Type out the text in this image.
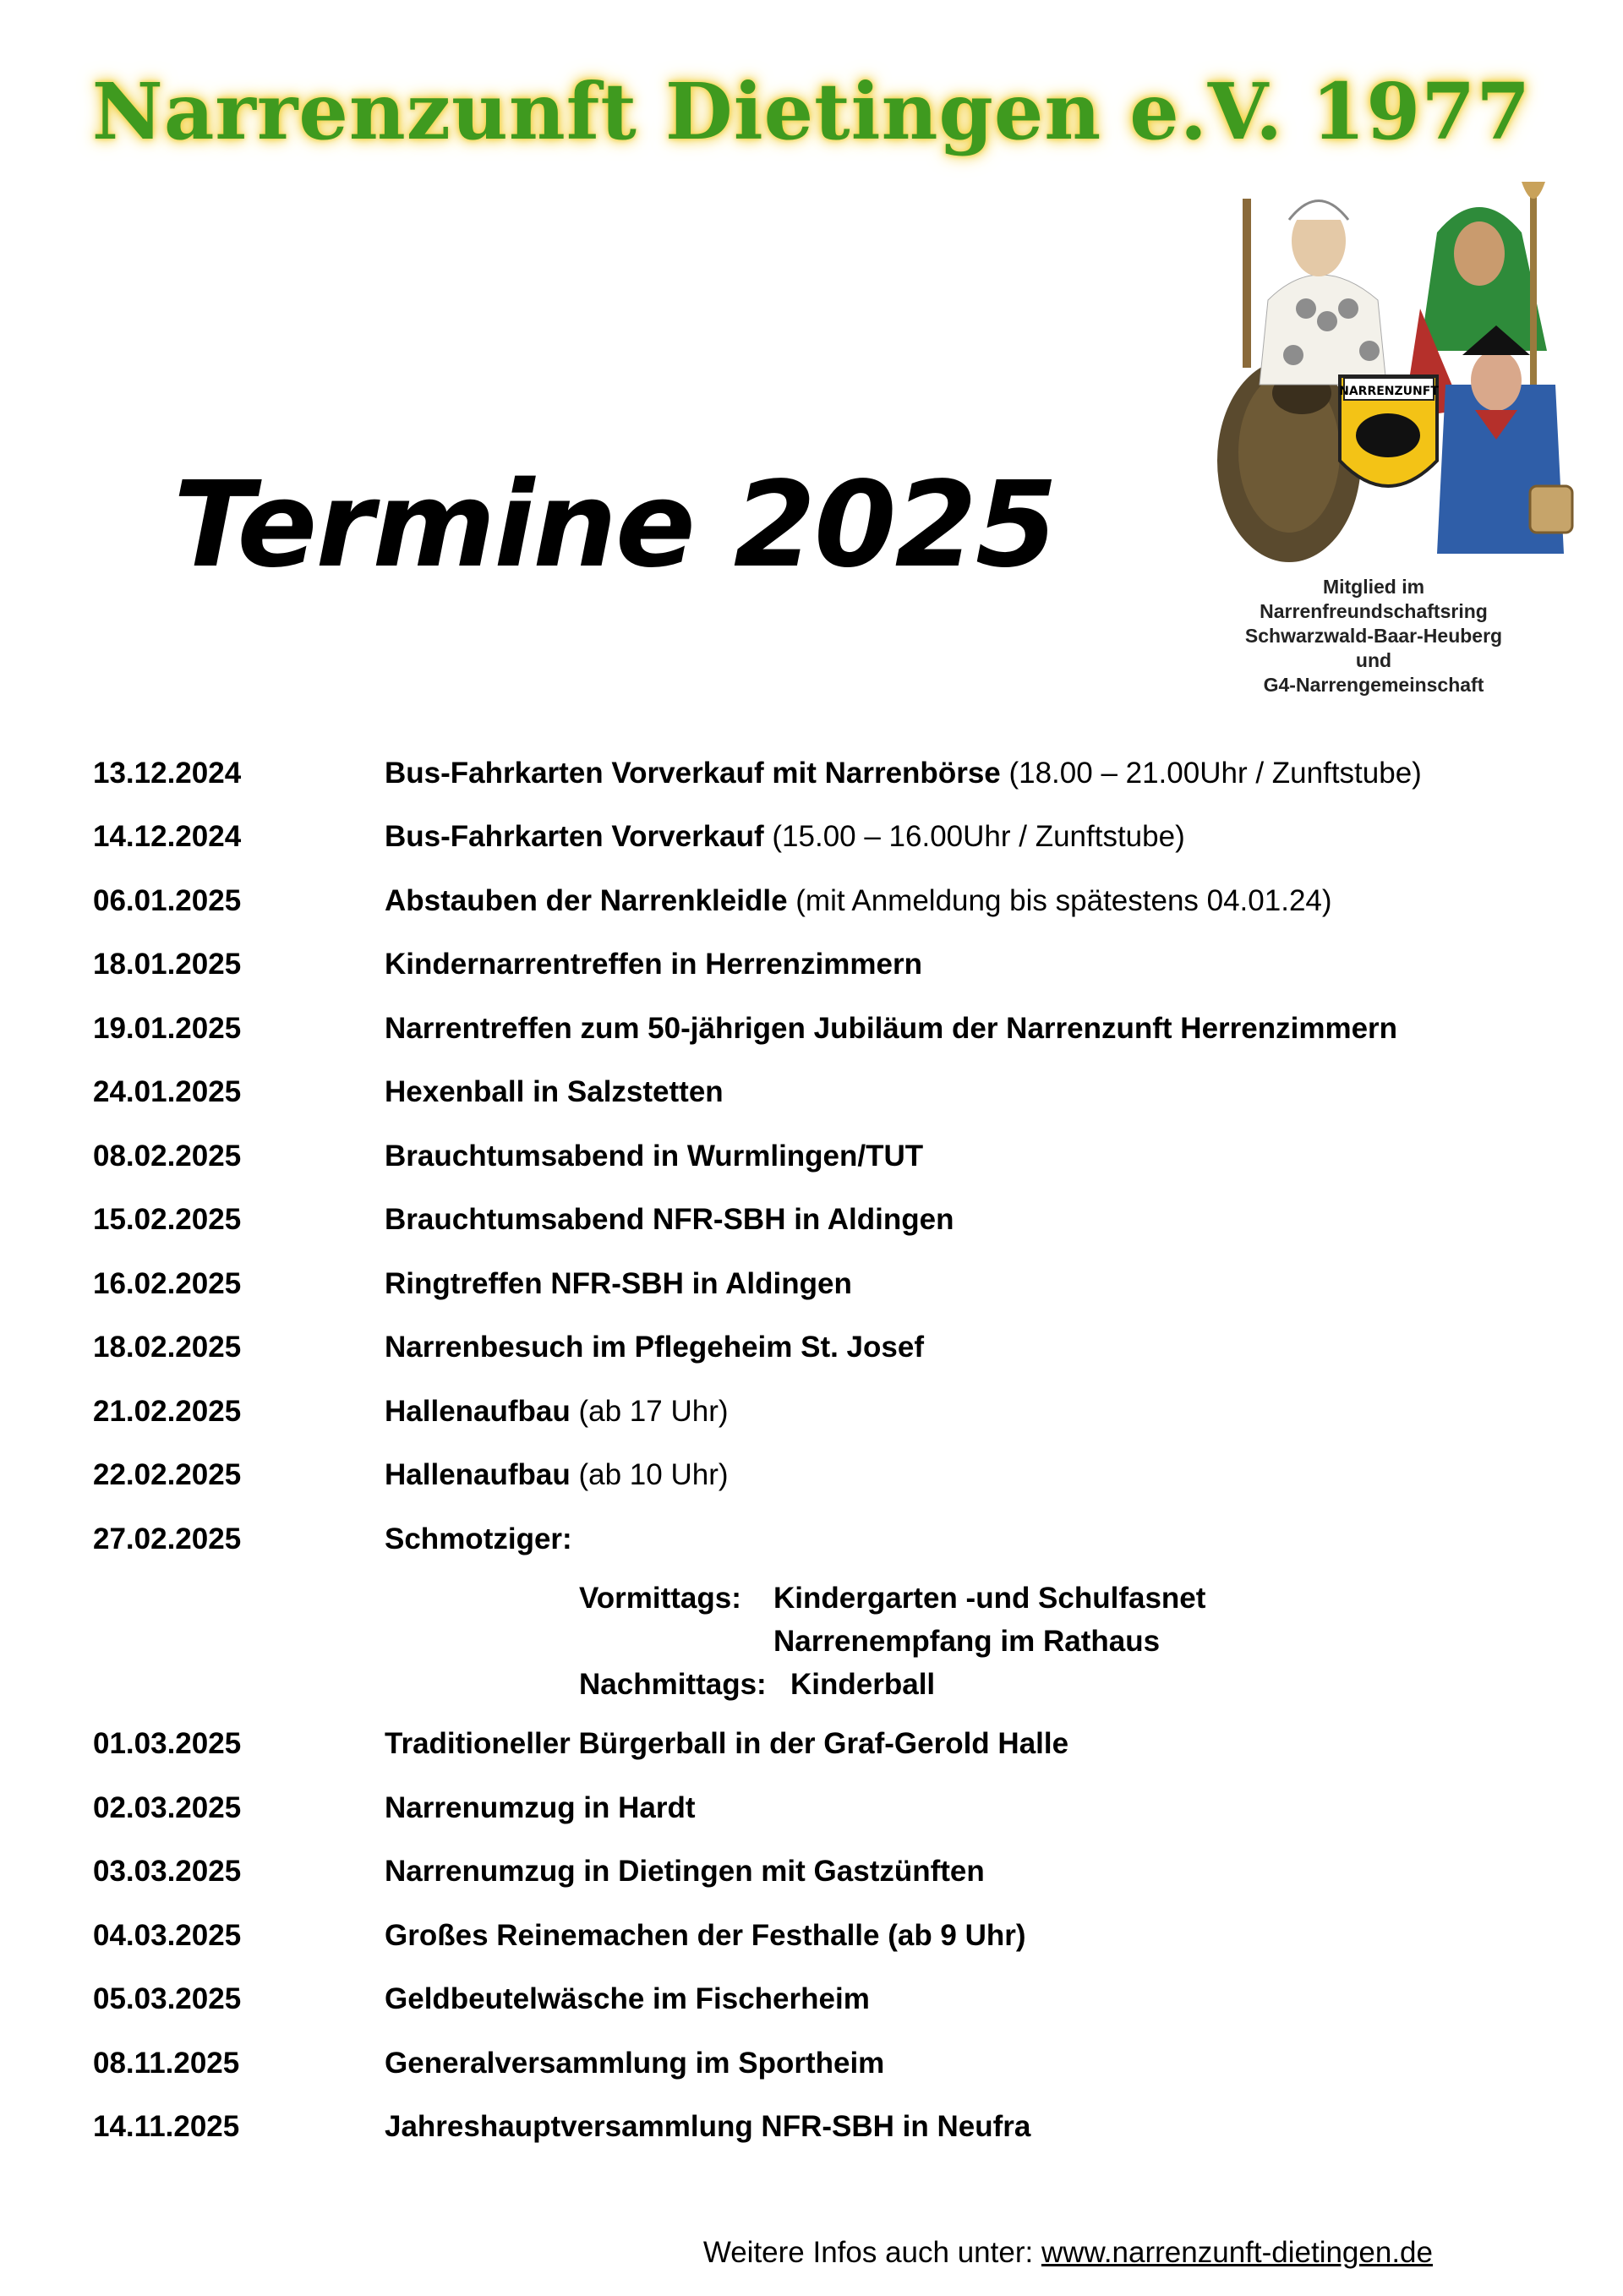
Narrenzunft Dietingen e.V. 1977
NARRENZUNFT
Mitglied im
Narrenfreundschaftsring
Schwarzwald-Baar-Heuberg
und
G4-Narrengemeinschaft
Termine 2025
13.12.2024	Bus-Fahrkarten Vorverkauf mit Narrenbörse (18.00 – 21.00Uhr / Zunftstube)
14.12.2024	Bus-Fahrkarten Vorverkauf (15.00 – 16.00Uhr / Zunftstube)
06.01.2025	Abstauben der Narrenkleidle (mit Anmeldung bis spätestens 04.01.24)
18.01.2025	Kindernarrentreffen in Herrenzimmern
19.01.2025	Narrentreffen zum 50-jährigen Jubiläum der Narrenzunft Herrenzimmern
24.01.2025	Hexenball in Salzstetten
08.02.2025	Brauchtumsabend in Wurmlingen/TUT
15.02.2025	Brauchtumsabend NFR-SBH in Aldingen
16.02.2025	Ringtreffen NFR-SBH in Aldingen
18.02.2025	Narrenbesuch im Pflegeheim St. Josef
21.02.2025	Hallenaufbau (ab 17 Uhr)
22.02.2025	Hallenaufbau (ab 10 Uhr)
27.02.2025	Schmotziger:
Vormittags:	Kindergarten -und Schulfasnet
Narrenempfang im Rathaus
Nachmittags: Kinderball
01.03.2025	Traditioneller Bürgerball in der Graf-Gerold Halle
02.03.2025	Narrenumzug in Hardt
03.03.2025	Narrenumzug in Dietingen mit Gastzünften
04.03.2025	Großes Reinemachen der Festhalle (ab 9 Uhr)
05.03.2025	Geldbeutelwäsche im Fischerheim
08.11.2025	Generalversammlung im Sportheim
14.11.2025	Jahreshauptversammlung NFR-SBH in Neufra
Weitere Infos auch unter: www.narrenzunft-dietingen.de
